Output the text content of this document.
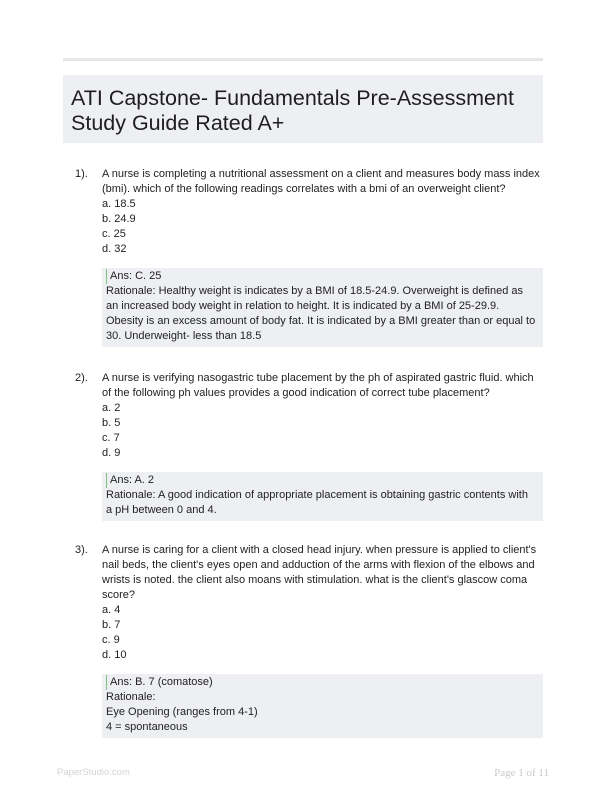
ATI Capstone- Fundamentals Pre-Assessment Study Guide Rated A+
1). A nurse is completing a nutritional assessment on a client and measures body mass index (bmi). which of the following readings correlates with a bmi of an overweight client?

a. 18.5
b. 24.9
c. 25
d. 32
Ans: C. 25
Rationale: Healthy weight is indicates by a BMI of 18.5-24.9. Overweight is defined as an increased body weight in relation to height. It is indicated by a BMI of 25-29.9. Obesity is an excess amount of body fat. It is indicated by a BMI greater than or equal to 30. Underweight- less than 18.5
2). A nurse is verifying nasogastric tube placement by the ph of aspirated gastric fluid. which of the following ph values provides a good indication of correct tube placement?

a. 2
b. 5
c. 7
d. 9
Ans: A. 2
Rationale: A good indication of appropriate placement is obtaining gastric contents with a pH between 0 and 4.
3). A nurse is caring for a client with a closed head injury. when pressure is applied to client's nail beds, the client's eyes open and adduction of the arms with flexion of the elbows and wrists is noted. the client also moans with stimulation. what is the client's glascow coma score?

a. 4
b. 7
c. 9
d. 10
Ans: B. 7 (comatose)
Rationale:
Eye Opening (ranges from 4-1)
4 = spontaneous
PaperStudio.com	Page 1 of 11
